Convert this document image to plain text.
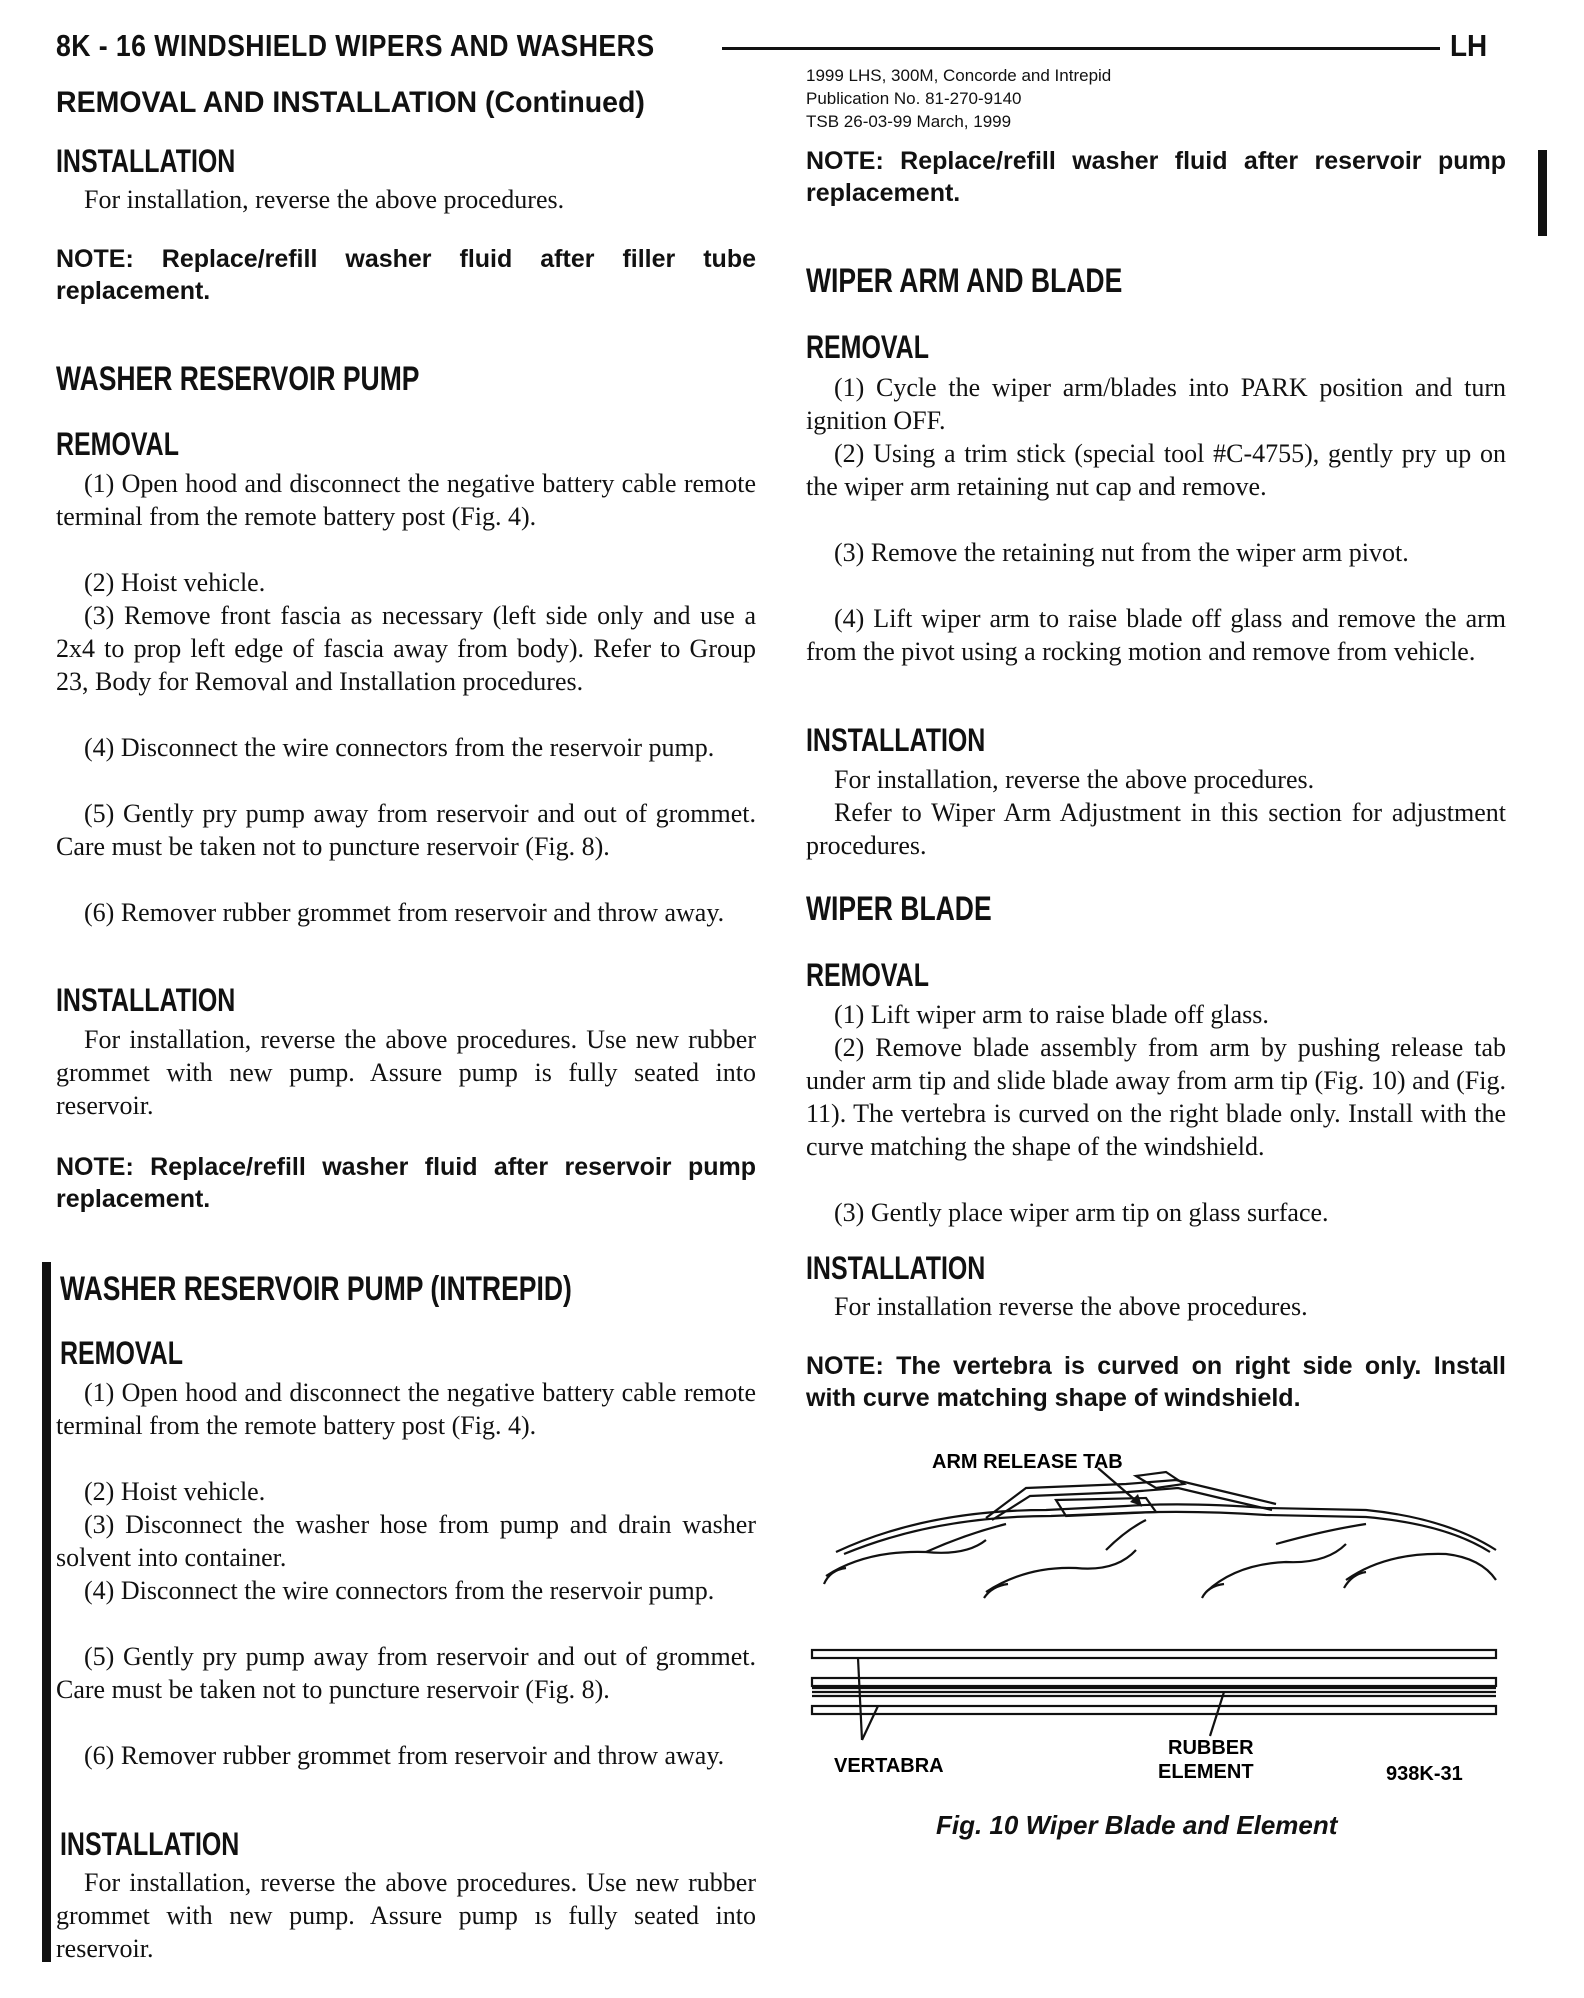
8K - 16 WINDSHIELD WIPERS AND WASHERS	LH
1999 LHS, 300M, Concorde and Intrepid
Publication No. 81-270-9140
TSB 26-03-99 March, 1999
REMOVAL AND INSTALLATION (Continued)
INSTALLATION
For installation, reverse the above procedures.
NOTE: Replace/refill washer fluid after filler tube replacement.
WASHER RESERVOIR PUMP
REMOVAL
(1) Open hood and disconnect the negative battery cable remote terminal from the remote battery post (Fig. 4).
(2) Hoist vehicle.
(3) Remove front fascia as necessary (left side only and use a 2x4 to prop left edge of fascia away from body). Refer to Group 23, Body for Removal and Installation procedures.
(4) Disconnect the wire connectors from the reservoir pump.
(5) Gently pry pump away from reservoir and out of grommet. Care must be taken not to puncture reservoir (Fig. 8).
(6) Remover rubber grommet from reservoir and throw away.
INSTALLATION
For installation, reverse the above procedures. Use new rubber grommet with new pump. Assure pump is fully seated into reservoir.
NOTE: Replace/refill washer fluid after reservoir pump replacement.
WASHER RESERVOIR PUMP (INTREPID)
REMOVAL
(1) Open hood and disconnect the negative battery cable remote terminal from the remote battery post (Fig. 4).
(2) Hoist vehicle.
(3) Disconnect the washer hose from pump and drain washer solvent into container.
(4) Disconnect the wire connectors from the reservoir pump.
(5) Gently pry pump away from reservoir and out of grommet. Care must be taken not to puncture reservoir (Fig. 8).
(6) Remover rubber grommet from reservoir and throw away.
INSTALLATION
For installation, reverse the above procedures. Use new rubber grommet with new pump. Assure pump ıs fully seated into reservoir.
NOTE: Replace/refill washer fluid after reservoir pump replacement.
WIPER ARM AND BLADE
REMOVAL
(1) Cycle the wiper arm/blades into PARK position and turn ignition OFF.
(2) Using a trim stick (special tool #C-4755), gently pry up on the wiper arm retaining nut cap and remove.
(3) Remove the retaining nut from the wiper arm pivot.
(4) Lift wiper arm to raise blade off glass and remove the arm from the pivot using a rocking motion and remove from vehicle.
INSTALLATION
For installation, reverse the above procedures.
Refer to Wiper Arm Adjustment in this section for adjustment procedures.
WIPER BLADE
REMOVAL
(1) Lift wiper arm to raise blade off glass.
(2) Remove blade assembly from arm by pushing release tab under arm tip and slide blade away from arm tip (Fig. 10) and (Fig. 11). The vertebra is curved on the right blade only. Install with the curve matching the shape of the windshield.
(3) Gently place wiper arm tip on glass surface.
INSTALLATION
For installation reverse the above procedures.
NOTE: The vertebra is curved on right side only. Install with curve matching shape of windshield.
ARM RELEASE TAB
VERTABRA
RUBBER
ELEMENT	938K-31
Fig. 10 Wiper Blade and Element
